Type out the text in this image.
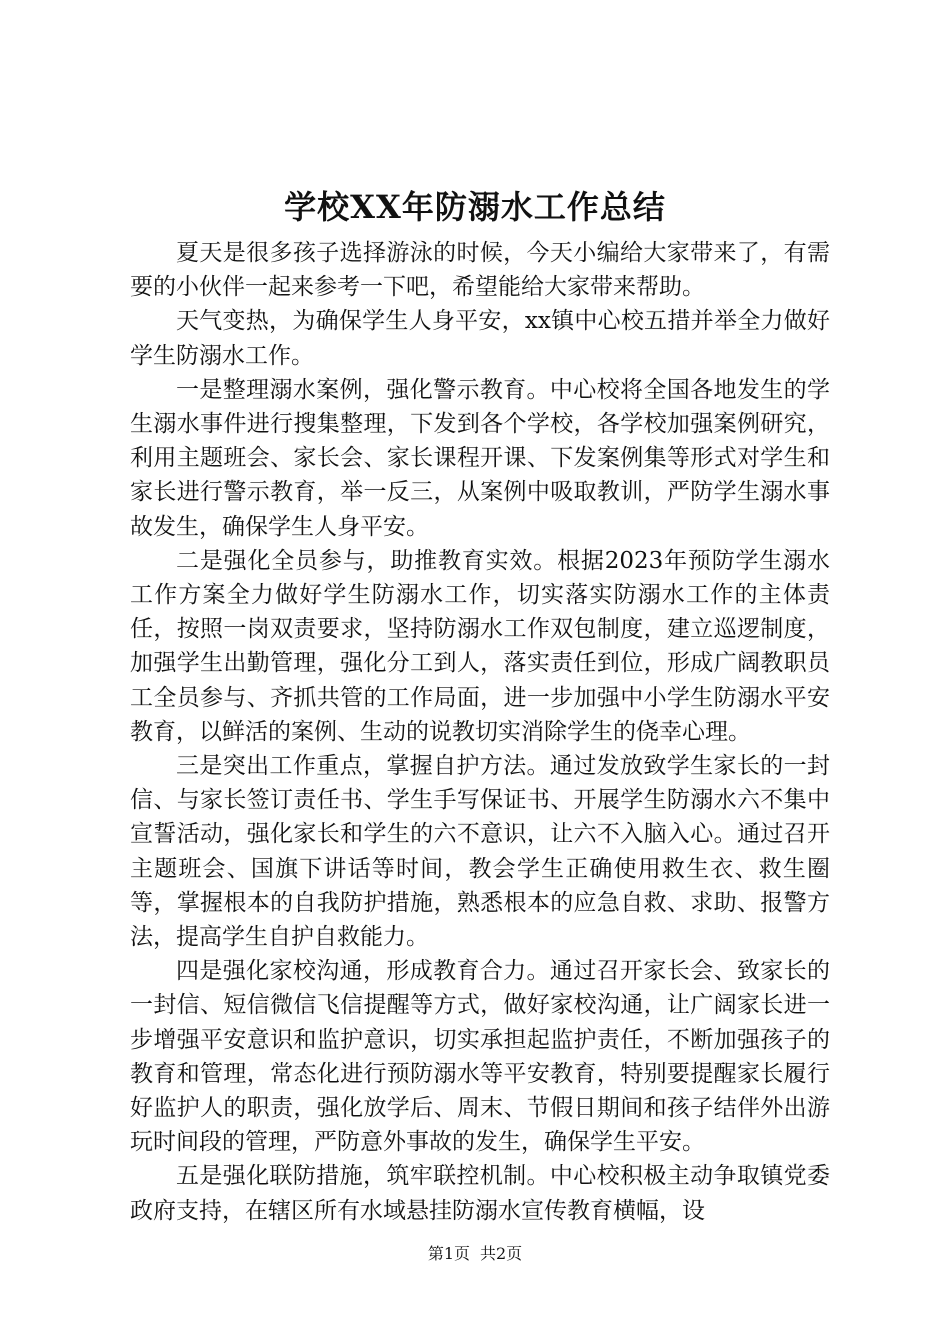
学校XX年防溺水工作总结

夏天是很多孩子选择游泳的时候，今天小编给大家带来了，有需要的小伙伴一起来参考一下吧，希望能给大家带来帮助。

天气变热，为确保学生人身平安，xx镇中心校五措并举全力做好学生防溺水工作。

一是整理溺水案例，强化警示教育。中心校将全国各地发生的学生溺水事件进行搜集整理，下发到各个学校，各学校加强案例研究，利用主题班会、家长会、家长课程开课、下发案例集等形式对学生和家长进行警示教育，举一反三，从案例中吸取教训，严防学生溺水事故发生，确保学生人身平安。

二是强化全员参与，助推教育实效。根据2023年预防学生溺水工作方案全力做好学生防溺水工作，切实落实防溺水工作的主体责任，按照一岗双责要求，坚持防溺水工作双包制度，建立巡逻制度，加强学生出勤管理，强化分工到人，落实责任到位，形成广阔教职员工全员参与、齐抓共管的工作局面，进一步加强中小学生防溺水平安教育，以鲜活的案例、生动的说教切实消除学生的侥幸心理。

三是突出工作重点，掌握自护方法。通过发放致学生家长的一封信、与家长签订责任书、学生手写保证书、开展学生防溺水六不集中宣誓活动，强化家长和学生的六不意识，让六不入脑入心。通过召开主题班会、国旗下讲话等时间，教会学生正确使用救生衣、救生圈等，掌握根本的自我防护措施，熟悉根本的应急自救、求助、报警方法，提高学生自护自救能力。

四是强化家校沟通，形成教育合力。通过召开家长会、致家长的一封信、短信微信飞信提醒等方式，做好家校沟通，让广阔家长进一步增强平安意识和监护意识，切实承担起监护责任，不断加强孩子的教育和管理，常态化进行预防溺水等平安教育，特别要提醒家长履行好监护人的职责，强化放学后、周末、节假日期间和孩子结伴外出游玩时间段的管理，严防意外事故的发生，确保学生平安。

五是强化联防措施，筑牢联控机制。中心校积极主动争取镇党委政府支持，在辖区所有水域悬挂防溺水宣传教育横幅，设

第1页 共2页
